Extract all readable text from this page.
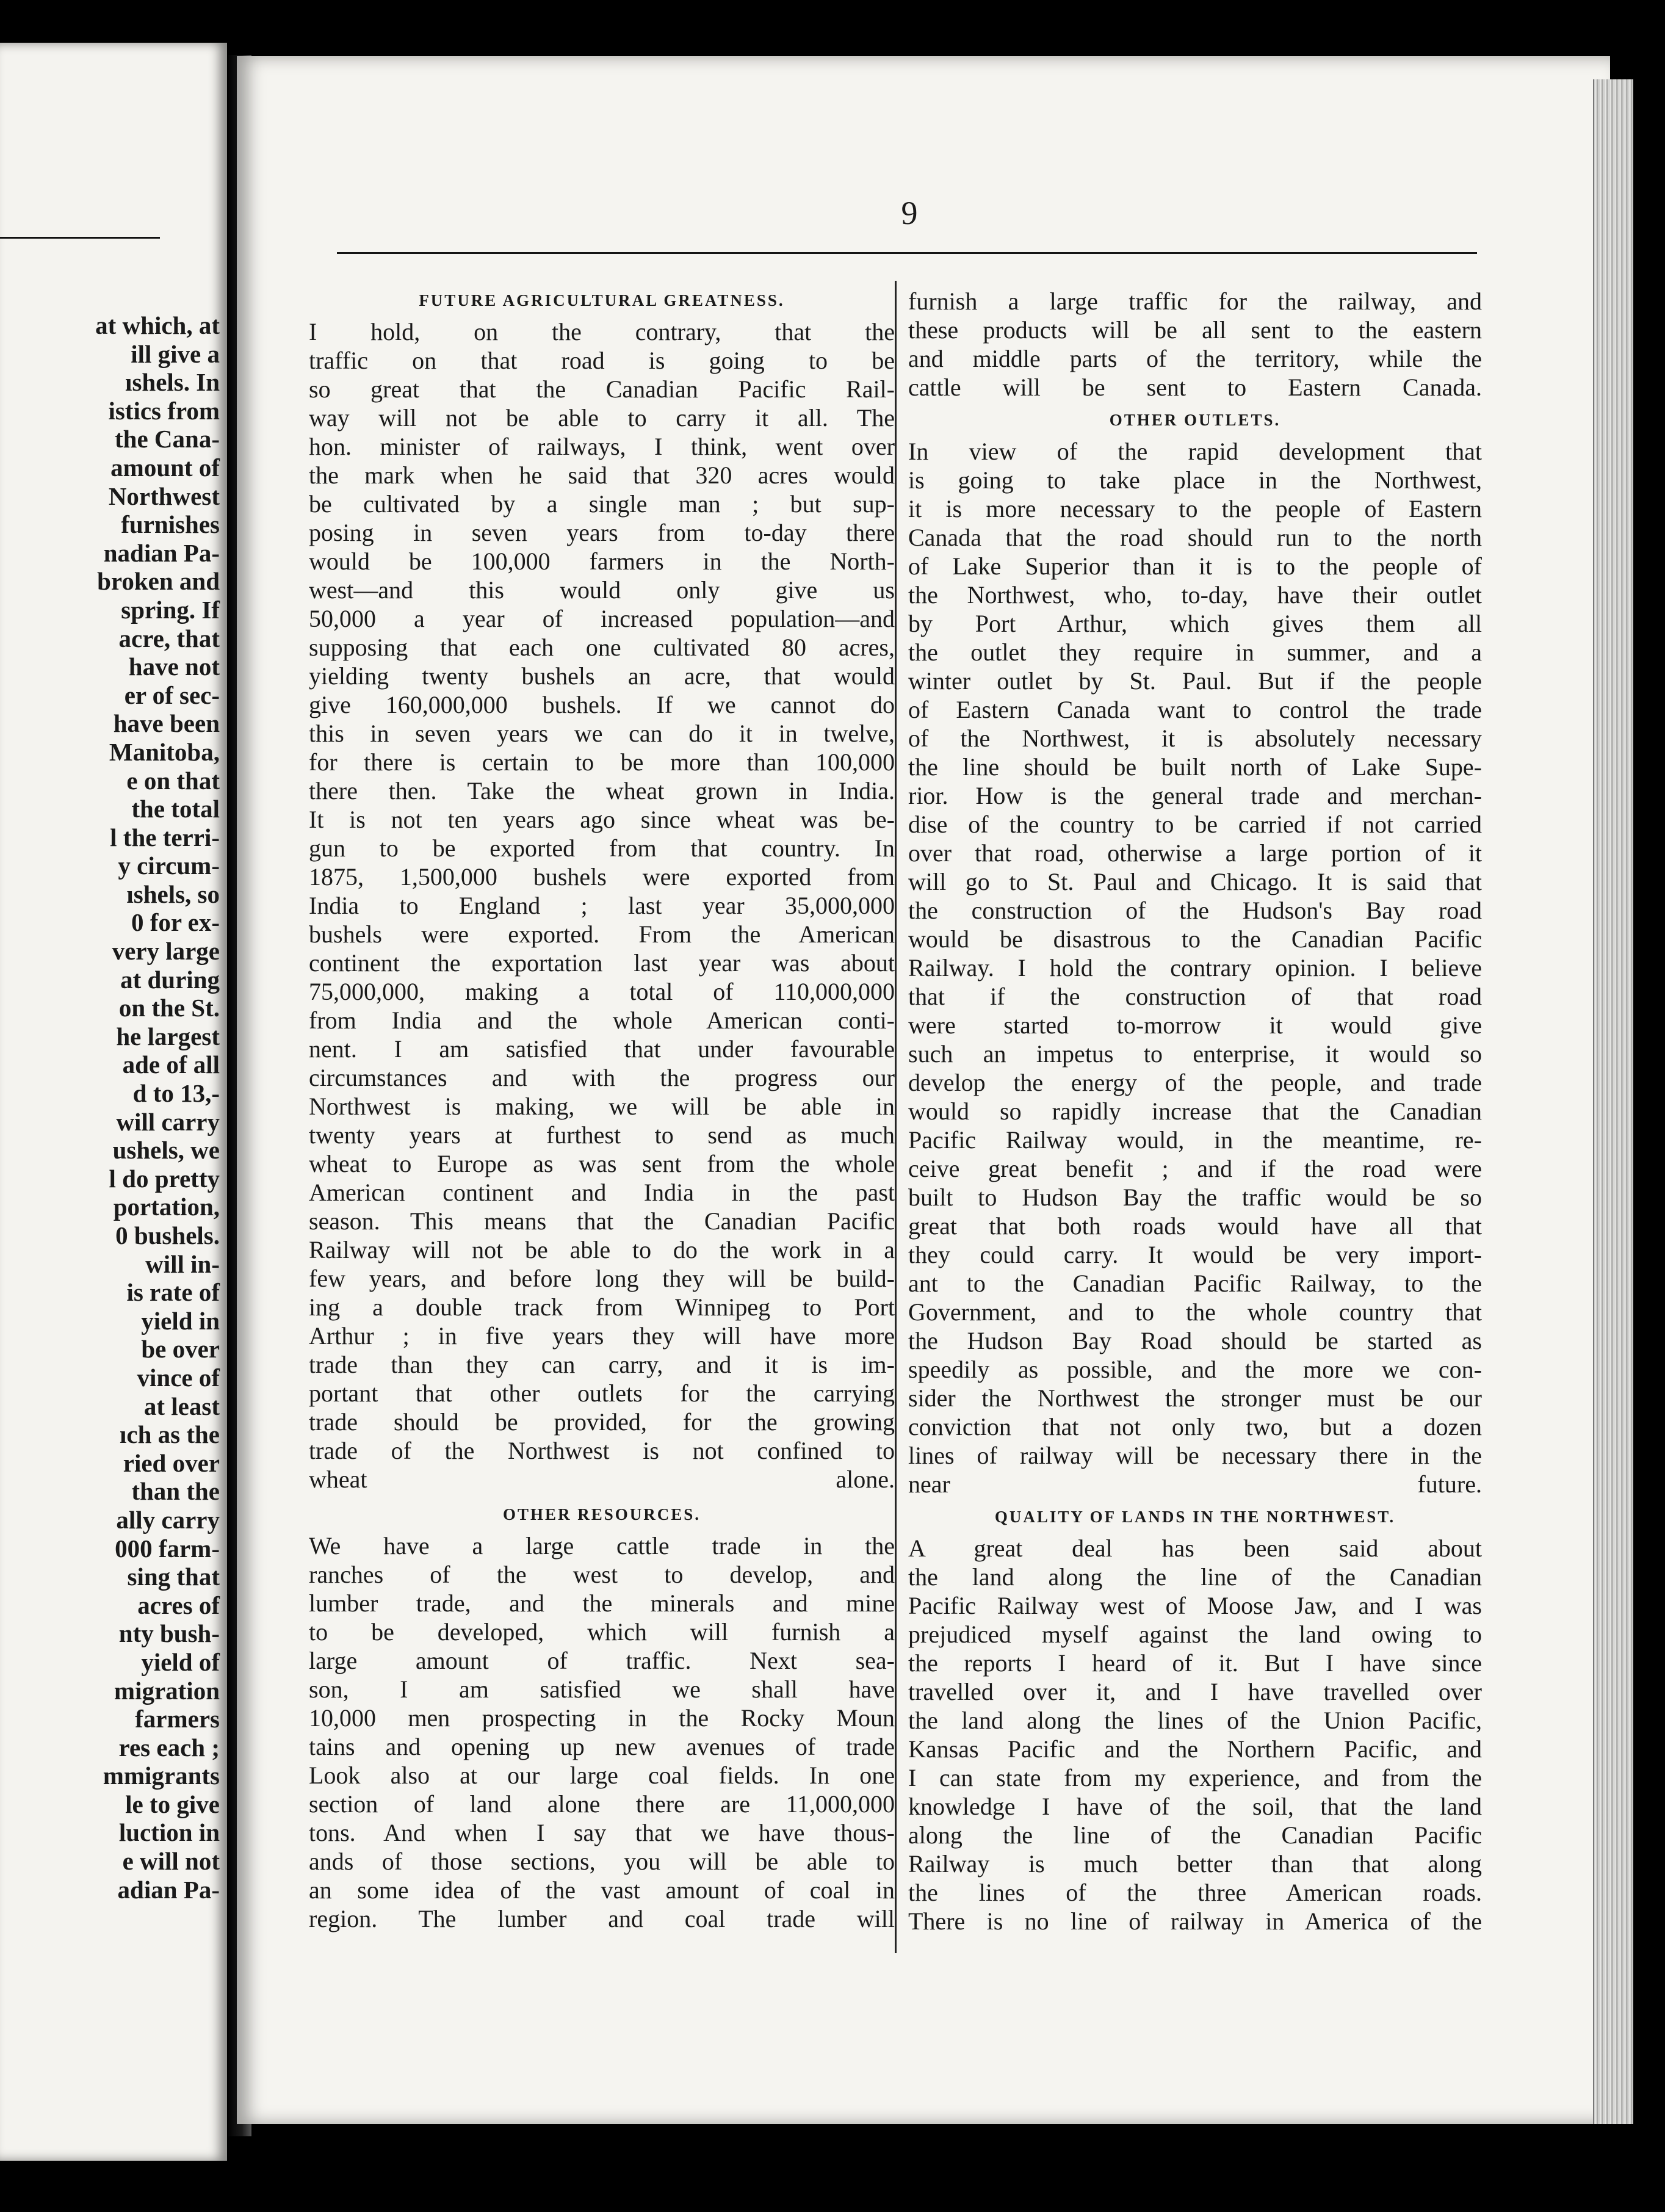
at which, at
ill give a
ıshels. In
istics from
the Cana-
amount of
Northwest
furnishes
nadian Pa-
broken and
spring. If
acre, that
have not
er of sec-
have been
Manitoba,
e on that
the total
l the terri-
y circum-
ıshels, so
0 for ex-
very large
at during
on the St.
he largest
ade of all
d to 13,-
will carry
ushels, we
l do pretty
portation,
0 bushels.
will in-
is rate of
yield in
be over
vince of
at least
ıch as the
ried over
than the
ally carry
000 farm-
sing that
acres of
nty bush-
yield of
migration
farmers
res each ;
mmigrants
le to give
luction in
e will not
adian Pa-
9
FUTURE AGRICULTURAL GREATNESS.
I hold, on the contrary, that the
traffic on that road is going to be
so great that the Canadian Pacific Rail-
way will not be able to carry it all. The
hon. minister of railways, I think, went over
the mark when he said that 320 acres would
be cultivated by a single man ; but sup-
posing in seven years from to-day there
would be 100,000 farmers in the North-
west—and this would only give us
50,000 a year of increased population—and
supposing that each one cultivated 80 acres,
yielding twenty bushels an acre, that would
give 160,000,000 bushels. If we cannot do
this in seven years we can do it in twelve,
for there is certain to be more than 100,000
there then. Take the wheat grown in India.
It is not ten years ago since wheat was be-
gun to be exported from that country. In
1875, 1,500,000 bushels were exported from
India to England ; last year 35,000,000
bushels were exported. From the American
continent the exportation last year was about
75,000,000, making a total of 110,000,000
from India and the whole American conti-
nent. I am satisfied that under favourable
circumstances and with the progress our
Northwest is making, we will be able in
twenty years at furthest to send as much
wheat to Europe as was sent from the whole
American continent and India in the past
season. This means that the Canadian Pacific
Railway will not be able to do the work in a
few years, and before long they will be build-
ing a double track from Winnipeg to Port
Arthur ; in five years they will have more
trade than they can carry, and it is im-
portant that other outlets for the carrying
trade should be provided, for the growing
trade of the Northwest is not confined to
wheat alone.
OTHER RESOURCES.
We have a large cattle trade in the
ranches of the west to develop, and
lumber trade, and the minerals and mine
to be developed, which will furnish a
large amount of traffic. Next sea-
son, I am satisfied we shall have
10,000 men prospecting in the Rocky Moun
tains and opening up new avenues of trade
Look also at our large coal fields. In one
section of land alone there are 11,000,000
tons. And when I say that we have thous-
ands of those sections, you will be able to
an some idea of the vast amount of coal in
region. The lumber and coal trade will
furnish a large traffic for the railway, and
these products will be all sent to the eastern
and middle parts of the territory, while the
cattle will be sent to Eastern Canada.
OTHER OUTLETS.
In view of the rapid development that
is going to take place in the Northwest,
it is more necessary to the people of Eastern
Canada that the road should run to the north
of Lake Superior than it is to the people of
the Northwest, who, to-day, have their outlet
by Port Arthur, which gives them all
the outlet they require in summer, and a
winter outlet by St. Paul. But if the people
of Eastern Canada want to control the trade
of the Northwest, it is absolutely necessary
the line should be built north of Lake Supe-
rior. How is the general trade and merchan-
dise of the country to be carried if not carried
over that road, otherwise a large portion of it
will go to St. Paul and Chicago. It is said that
the construction of the Hudson's Bay road
would be disastrous to the Canadian Pacific
Railway. I hold the contrary opinion. I believe
that if the construction of that road
were started to-morrow it would give
such an impetus to enterprise, it would so
develop the energy of the people, and trade
would so rapidly increase that the Canadian
Pacific Railway would, in the meantime, re-
ceive great benefit ; and if the road were
built to Hudson Bay the traffic would be so
great that both roads would have all that
they could carry. It would be very import-
ant to the Canadian Pacific Railway, to the
Government, and to the whole country that
the Hudson Bay Road should be started as
speedily as possible, and the more we con-
sider the Northwest the stronger must be our
conviction that not only two, but a dozen
lines of railway will be necessary there in the
near future.
QUALITY OF LANDS IN THE NORTHWEST.
A great deal has been said about
the land along the line of the Canadian
Pacific Railway west of Moose Jaw, and I was
prejudiced myself against the land owing to
the reports I heard of it. But I have since
travelled over it, and I have travelled over
the land along the lines of the Union Pacific,
Kansas Pacific and the Northern Pacific, and
I can state from my experience, and from the
knowledge I have of the soil, that the land
along the line of the Canadian Pacific
Railway is much better than that along
the lines of the three American roads.
There is no line of railway in America of the
